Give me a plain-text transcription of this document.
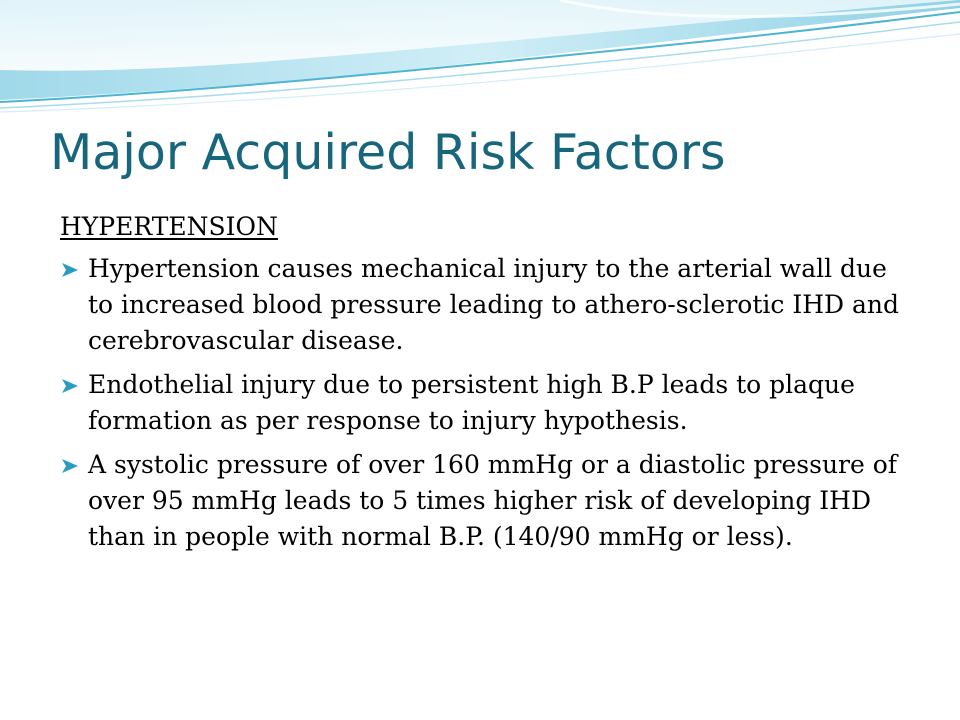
Major Acquired Risk Factors
HYPERTENSION
Hypertension causes mechanical injury to the arterial wall due to increased blood pressure leading to athero-sclerotic IHD and cerebrovascular disease.
Endothelial injury due to persistent high B.P leads to plaque formation as per response to injury hypothesis.
A systolic pressure of over 160 mmHg or a diastolic pressure of over 95 mmHg leads to 5 times higher risk of developing IHD than in people with normal B.P. (140/90 mmHg or less).
